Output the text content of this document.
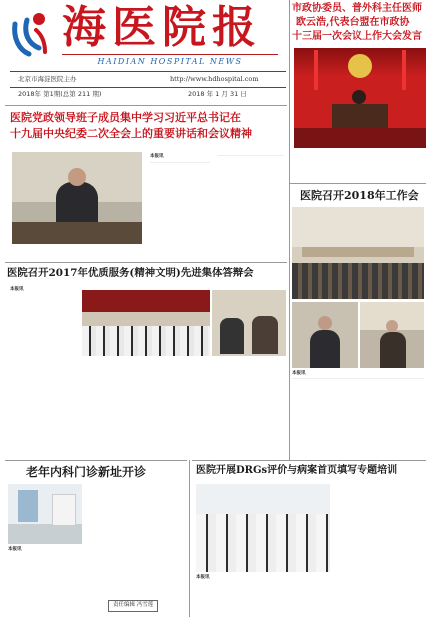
海医院报
HAIDIAN HOSPITAL NEWS
北京市海淀医院主办	http://www.hdhospital.com
2018年 第1期(总第 211 期)	2018 年 1 月 31 日
市政协委员、普外科主任医师
欧云浩,代表台盟在市政协
十三届一次会议上作大会发言
医院党政领导班子成员集中学习习近平总书记在
十九届中央纪委二次全会上的重要讲话和会议精神
本报讯
医院召开2018年工作会
本报讯
医院召开2017年优质服务(精神文明)先进集体答辩会
本报讯
老年内科门诊新址开诊
本报讯
责任编辑 冯雪莲
医院开展DRGs评价与病案首页填写专题培训
本报讯
